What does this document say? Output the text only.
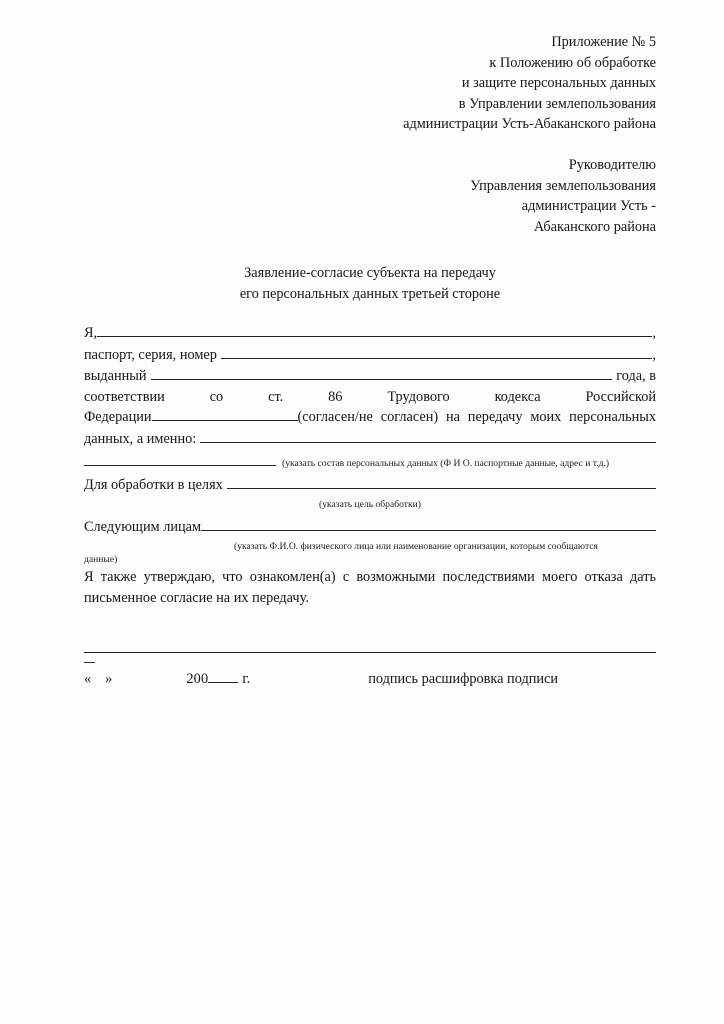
Приложение № 5
к Положению об обработке
и защите персональных данных
в Управлении землепользования
администрации Усть-Абаканского района
Руководителю
Управления землепользования
администрации Усть -
Абаканского района
Заявление-согласие субъекта на передачу
его персональных данных третьей стороне
Я,	,
паспорт, серия, номер	,
выданный	года, в
соответствии со ст. 86 Трудового кодекса Российской
Федерации	(согласен/не согласен) на передачу моих персональных
данных, а именно:
(указать состав персональных данных (Ф И О. паспортные данные, адрес и т.д.)
Для обработки в целях
(указать цель обработки)
Следующим лицам
(указать Ф.И.О. физического лица или наименование организации, которым сообщаются
данные)
Я также утверждаю, что ознакомлен(а) с возможными последствиями моего отказа дать письменное согласие на их передачу.
« »	200 г.	подпись расшифровка подписи
